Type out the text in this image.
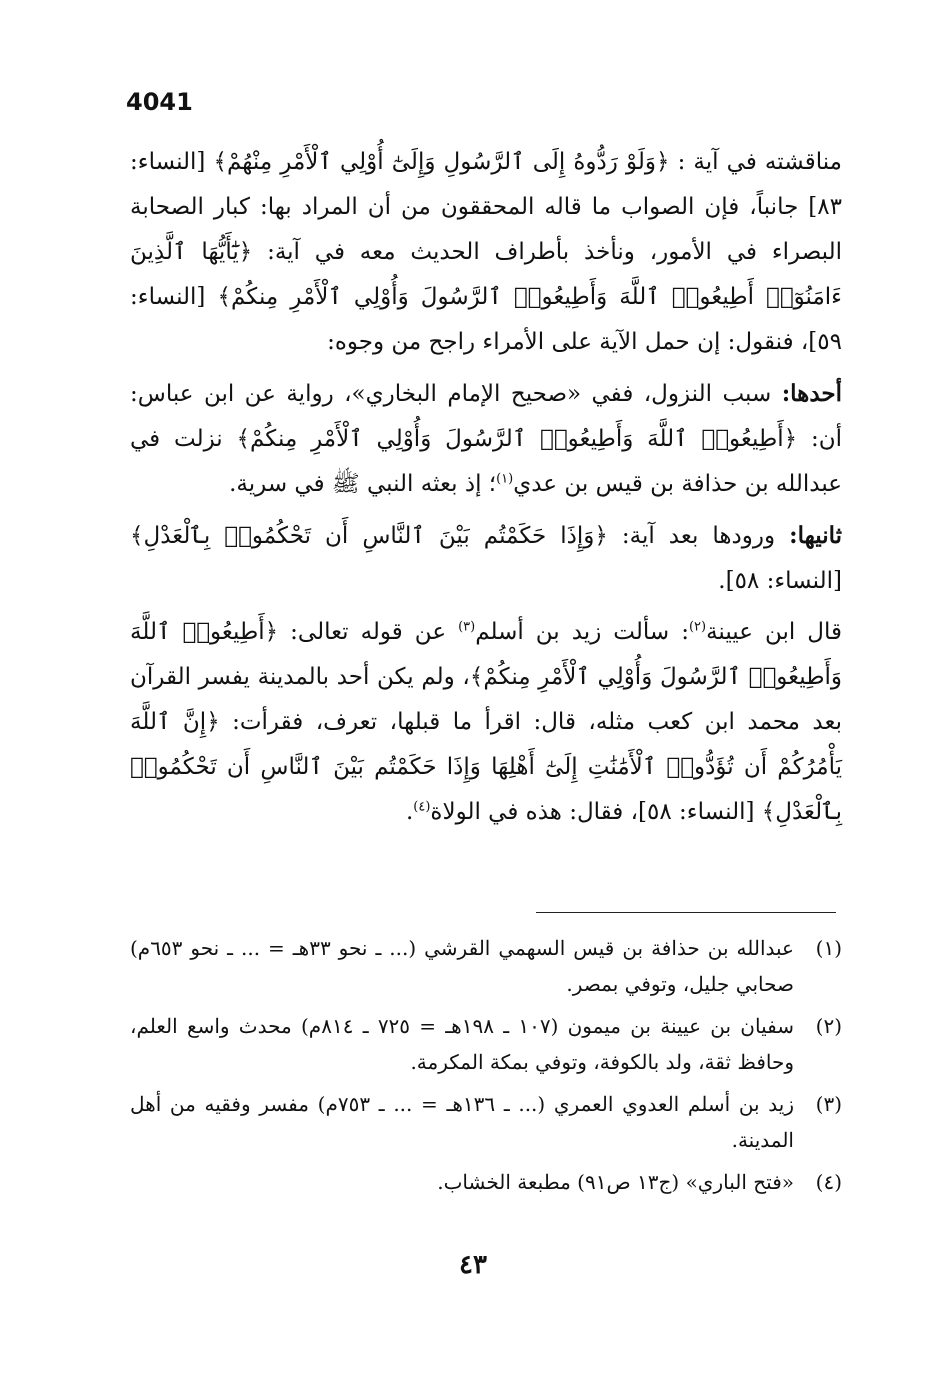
4041

مناقشته في آية : ﴿وَلَوْ رَدُّوهُ إِلَى ٱلرَّسُولِ وَإِلَىٰٓ أُوْلِي ٱلْأَمْرِ مِنْهُمْ﴾ [النساء: ٨٣] جانباً، فإن الصواب ما قاله المحققون من أن المراد بها: كبار الصحابة البصراء في الأمور، ونأخذ بأطراف الحديث معه في آية: ﴿يَٰٓأَيُّهَا ٱلَّذِينَ ءَامَنُوٓا۟ أَطِيعُوا۟ ٱللَّهَ وَأَطِيعُوا۟ ٱلرَّسُولَ وَأُوْلِي ٱلْأَمْرِ مِنكُمْ﴾ [النساء: ٥٩]، فنقول: إن حمل الآية على الأمراء راجح من وجوه:

أحدها: سبب النزول، ففي «صحيح الإمام البخاري»، رواية عن ابن عباس: أن: ﴿أَطِيعُوا۟ ٱللَّهَ وَأَطِيعُوا۟ ٱلرَّسُولَ وَأُوْلِي ٱلْأَمْرِ مِنكُمْ﴾ نزلت في عبدالله بن حذافة بن قيس بن عدي$^{(١)}$؛ إذ بعثه النبي ﷺ في سرية.

ثانيها: ورودها بعد آية: ﴿وَإِذَا حَكَمْتُم بَيْنَ ٱلنَّاسِ أَن تَحْكُمُوا۟ بِٱلْعَدْلِ﴾ [النساء: ٥٨].

قال ابن عيينة$^{(٢)}$: سألت زيد بن أسلم$^{(٣)}$ عن قوله تعالى: ﴿أَطِيعُوا۟ ٱللَّهَ وَأَطِيعُوا۟ ٱلرَّسُولَ وَأُوْلِي ٱلْأَمْرِ مِنكُمْ﴾، ولم يكن أحد بالمدينة يفسر القرآن بعد محمد ابن كعب مثله، قال: اقرأ ما قبلها، تعرف، فقرأت: ﴿إِنَّ ٱللَّهَ يَأْمُرُكُمْ أَن تُؤَدُّوا۟ ٱلْأَمَٰنَٰتِ إِلَىٰٓ أَهْلِهَا وَإِذَا حَكَمْتُم بَيْنَ ٱلنَّاسِ أَن تَحْكُمُوا۟ بِٱلْعَدْلِ﴾ [النساء: ٥٨]، فقال: هذه في الولاة$^{(٤)}$.

(١)
عبدالله بن حذافة بن قيس السهمي القرشي (... ـ نحو ٣٣هـ = ... ـ نحو ٦٥٣م) صحابي جليل، وتوفي بمصر.
(٢)
سفيان بن عيينة بن ميمون (١٠٧ ـ ١٩٨هـ = ٧٢٥ ـ ٨١٤م) محدث واسع العلم، وحافظ ثقة، ولد بالكوفة، وتوفي بمكة المكرمة.
(٣)
زيد بن أسلم العدوي العمري (... ـ ١٣٦هـ = ... ـ ٧٥٣م) مفسر وفقيه من أهل المدينة.
(٤)
«فتح الباري» (ج١٣ ص٩١) مطبعة الخشاب.
٤٣
